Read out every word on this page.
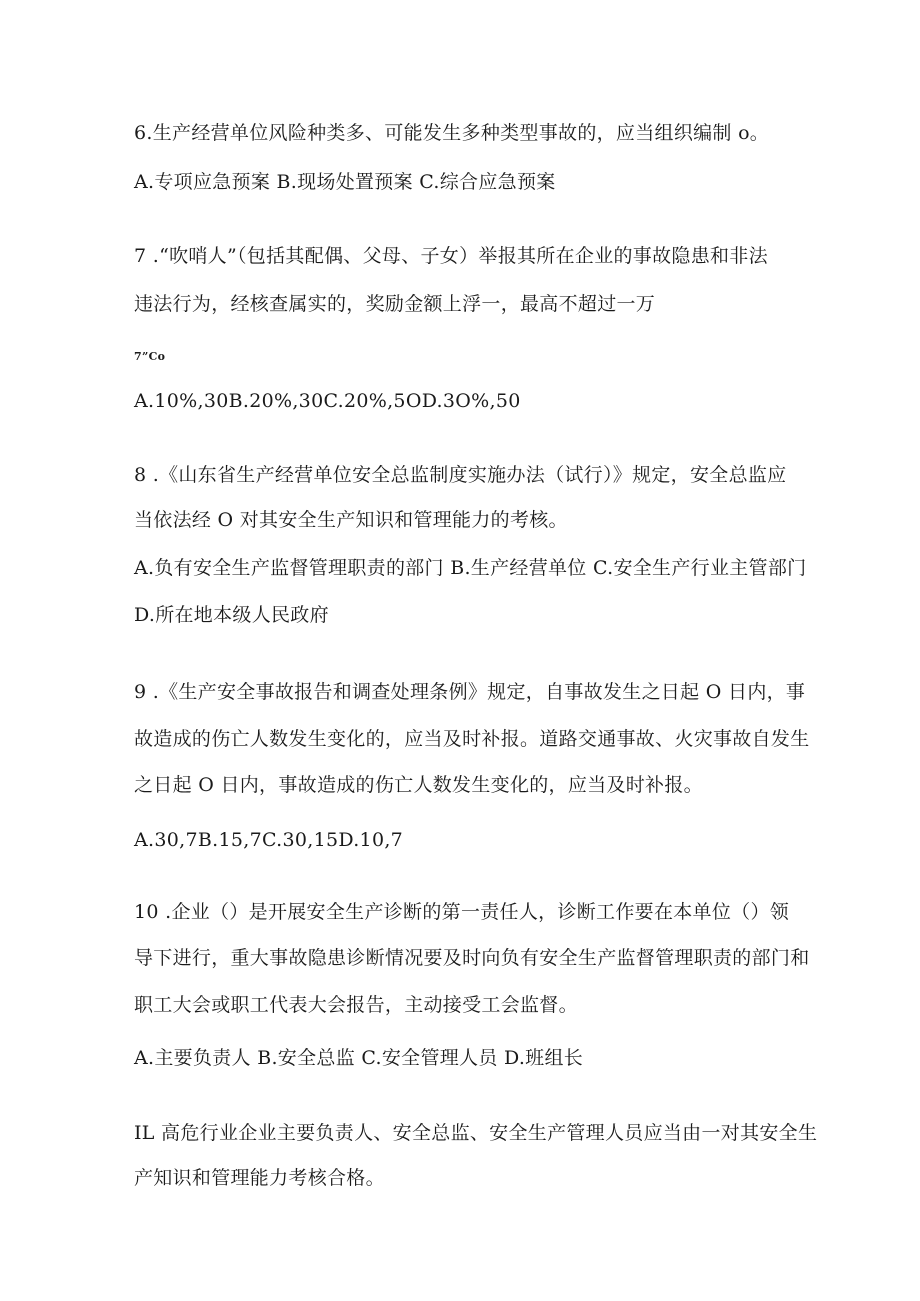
6.生产经营单位风险种类多、可能发生多种类型事故的，应当组织编制 o。
A.专项应急预案 B.现场处置预案 C.综合应急预案
7 .“吹哨人”（包括其配偶、父母、子女）举报其所在企业的事故隐患和非法
违法行为，经核查属实的，奖励金额上浮一，最高不超过一万
7”Co
A.10%,30B.20%,30C.20%,5OD.3O%,50
8 .《山东省生产经营单位安全总监制度实施办法（试行）》规定，安全总监应
当依法经 O 对其安全生产知识和管理能力的考核。
A.负有安全生产监督管理职责的部门 B.生产经营单位 C.安全生产行业主管部门
D.所在地本级人民政府
9 .《生产安全事故报告和调查处理条例》规定，自事故发生之日起 O 日内，事
故造成的伤亡人数发生变化的，应当及时补报。道路交通事故、火灾事故自发生
之日起 O 日内，事故造成的伤亡人数发生变化的，应当及时补报。
A.30,7B.15,7C.30,15D.10,7
10 .企业（）是开展安全生产诊断的第一责任人，诊断工作要在本单位（）领
导下进行，重大事故隐患诊断情况要及时向负有安全生产监督管理职责的部门和
职工大会或职工代表大会报告，主动接受工会监督。
A.主要负责人 B.安全总监 C.安全管理人员 D.班组长
IL 高危行业企业主要负责人、安全总监、安全生产管理人员应当由一对其安全生
产知识和管理能力考核合格。
